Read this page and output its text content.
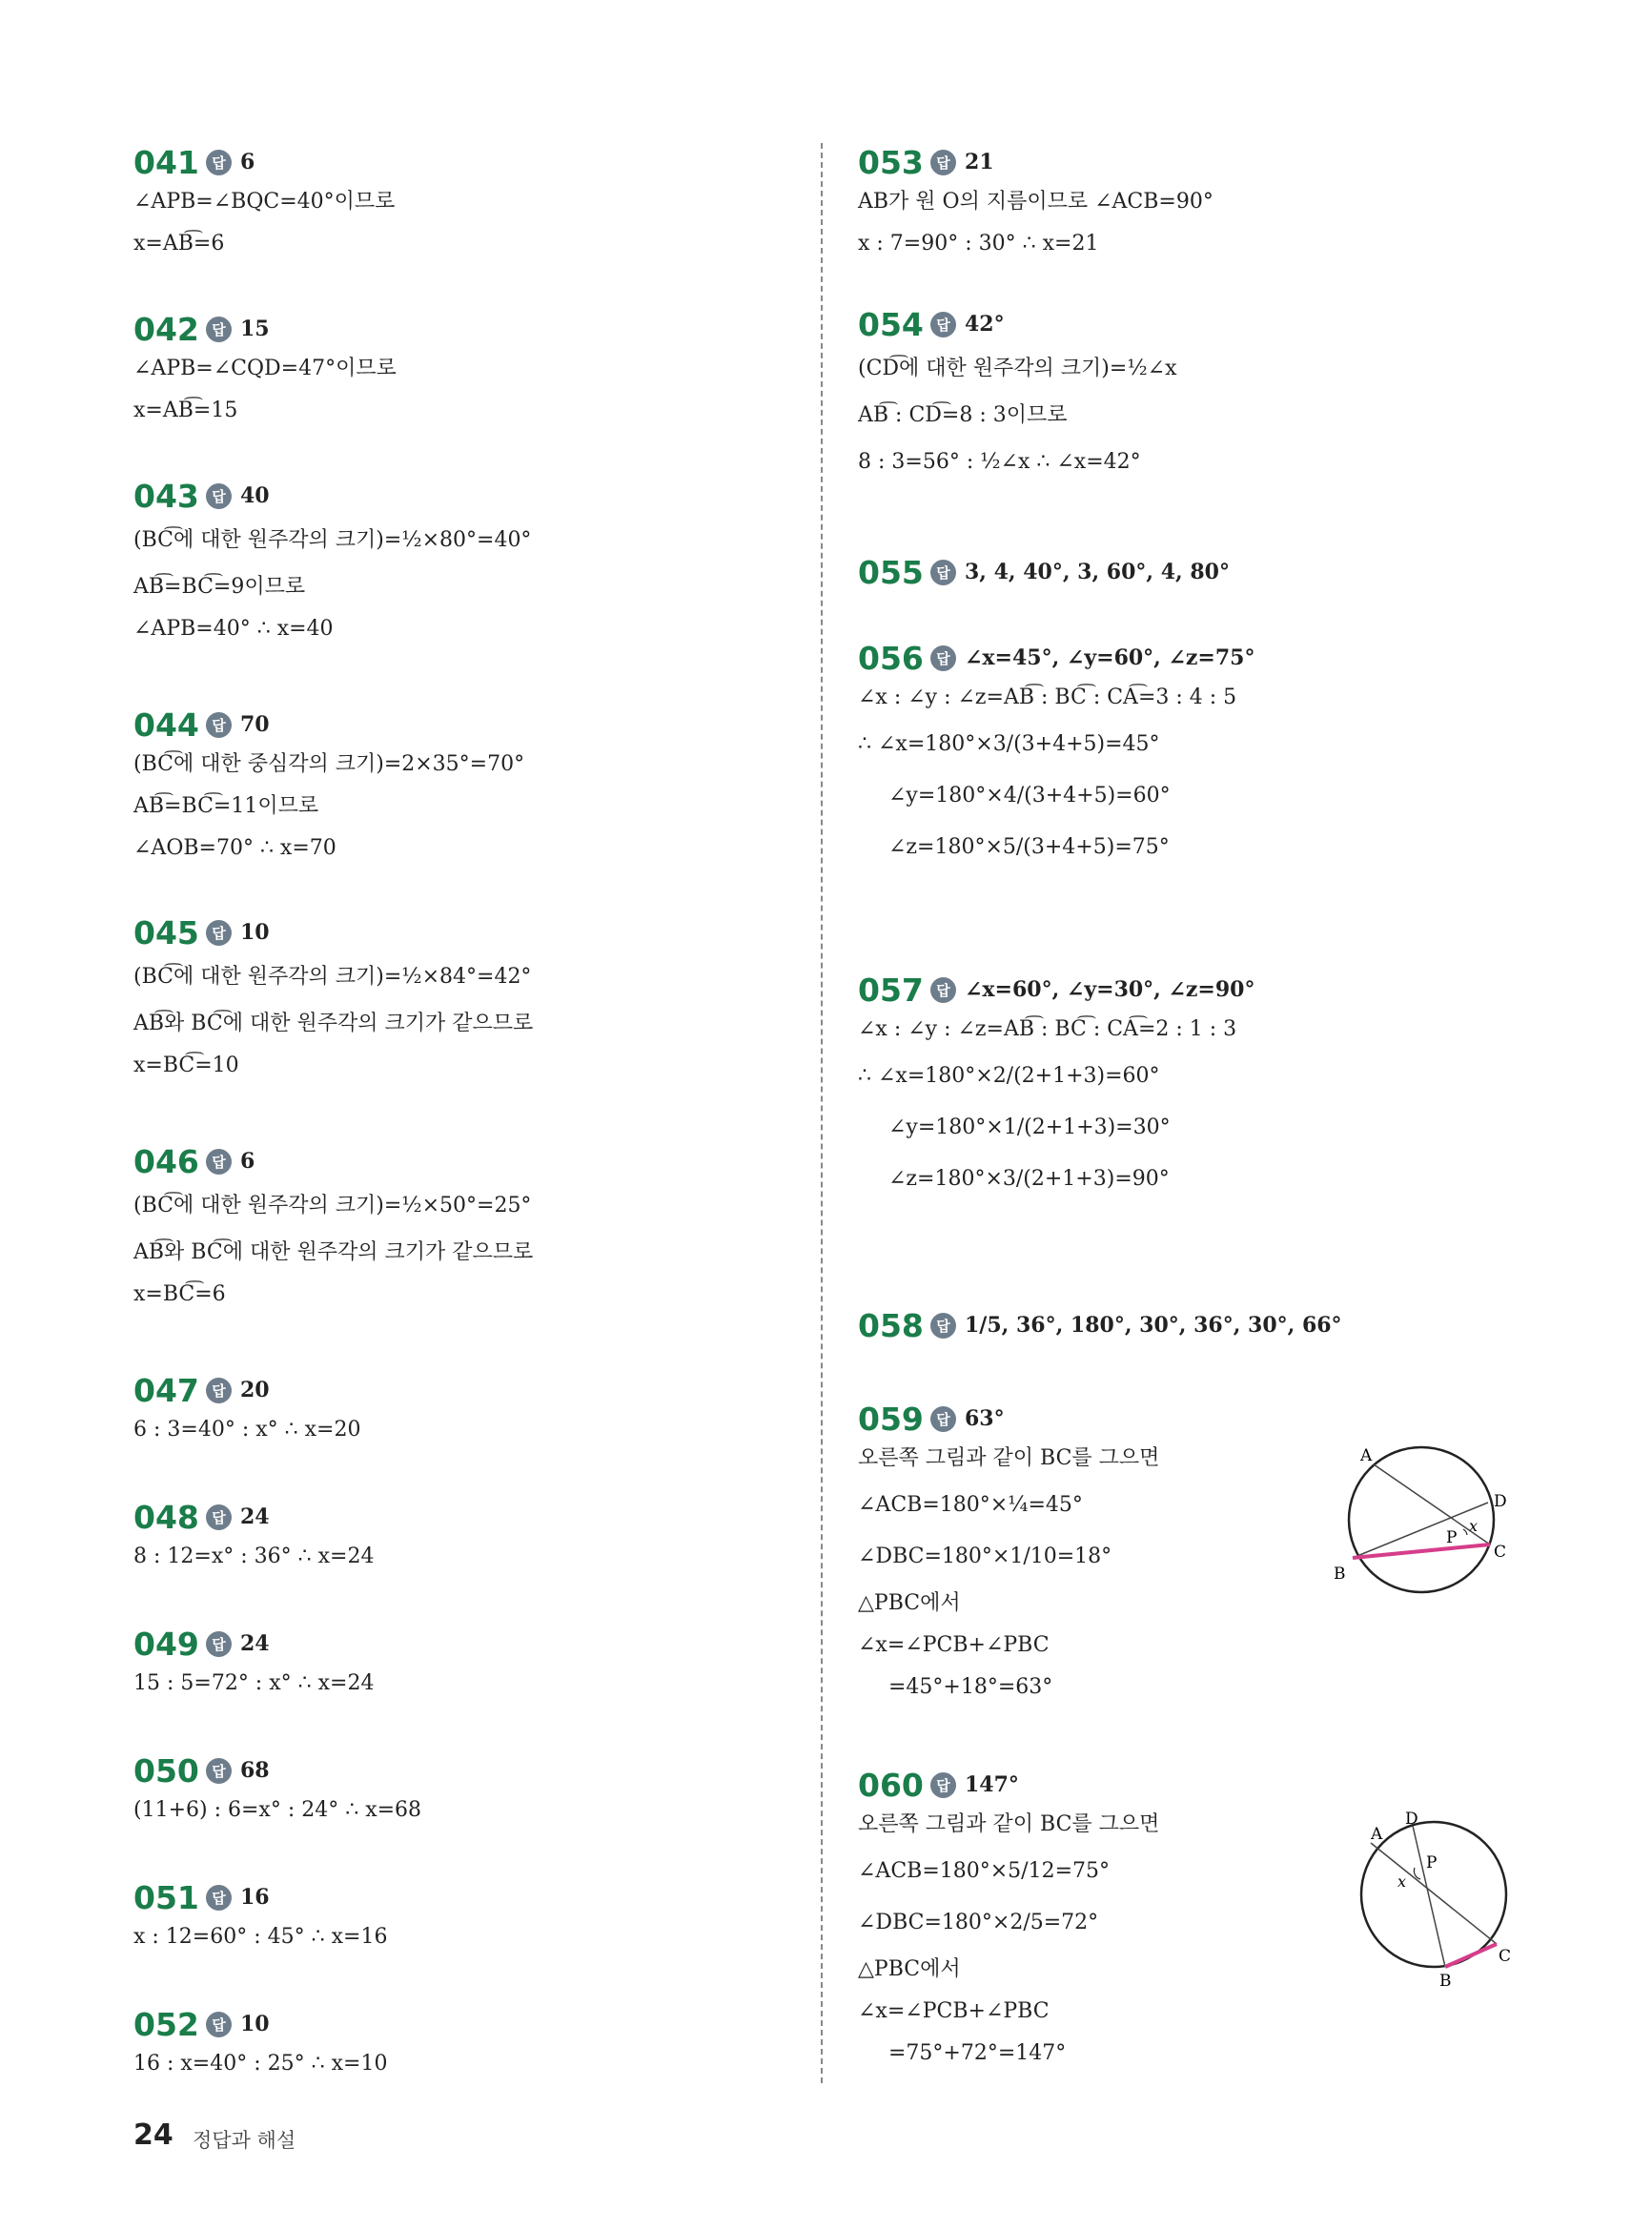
041 답 6
∠APB=∠BQC=40°이므로
x=AB͡=6
042 답 15
∠APB=∠CQD=47°이므로
x=AB͡=15
043 답 40
(BC͡에 대한 원주각의 크기)=½×80°=40°
AB͡=BC͡=9이므로
∠APB=40° ∴ x=40
044 답 70
(BC͡에 대한 중심각의 크기)=2×35°=70°
AB͡=BC͡=11이므로
∠AOB=70° ∴ x=70
045 답 10
(BC͡에 대한 원주각의 크기)=½×84°=42°
AB͡와 BC͡에 대한 원주각의 크기가 같으므로
x=BC͡=10
046 답 6
(BC͡에 대한 원주각의 크기)=½×50°=25°
AB͡와 BC͡에 대한 원주각의 크기가 같으므로
x=BC͡=6
047 답 20
6 : 3=40° : x° ∴ x=20
048 답 24
8 : 12=x° : 36° ∴ x=24
049 답 24
15 : 5=72° : x° ∴ x=24
050 답 68
(11+6) : 6=x° : 24° ∴ x=68
051 답 16
x : 12=60° : 45° ∴ x=16
052 답 10
16 : x=40° : 25° ∴ x=10
053 답 21
AB가 원 O의 지름이므로 ∠ACB=90°
x : 7=90° : 30° ∴ x=21
054 답 42°
(CD͡에 대한 원주각의 크기)=½∠x
AB͡ : CD͡=8 : 3이므로
8 : 3=56° : ½∠x ∴ ∠x=42°
055 답 3, 4, 40°, 3, 60°, 4, 80°
056 답 ∠x=45°, ∠y=60°, ∠z=75°
∠x : ∠y : ∠z=AB͡ : BC͡ : CA͡=3 : 4 : 5
∴ ∠x=180°×3/(3+4+5)=45°
∠y=180°×4/(3+4+5)=60°
∠z=180°×5/(3+4+5)=75°
057 답 ∠x=60°, ∠y=30°, ∠z=90°
∠x : ∠y : ∠z=AB͡ : BC͡ : CA͡=2 : 1 : 3
∴ ∠x=180°×2/(2+1+3)=60°
∠y=180°×1/(2+1+3)=30°
∠z=180°×3/(2+1+3)=90°
058 답 1/5, 36°, 180°, 30°, 36°, 30°, 66°
059 답 63°
오른쪽 그림과 같이 BC를 그으면
∠ACB=180°×¼=45°
∠DBC=180°×1/10=18°
△PBC에서
∠x=∠PCB+∠PBC
=45°+18°=63°
060 답 147°
오른쪽 그림과 같이 BC를 그으면
∠ACB=180°×5/12=75°
∠DBC=180°×2/5=72°
△PBC에서
∠x=∠PCB+∠PBC
=75°+72°=147°
A
B
C
D
P
x
A
B
C
D
P
x
24 정답과 해설
